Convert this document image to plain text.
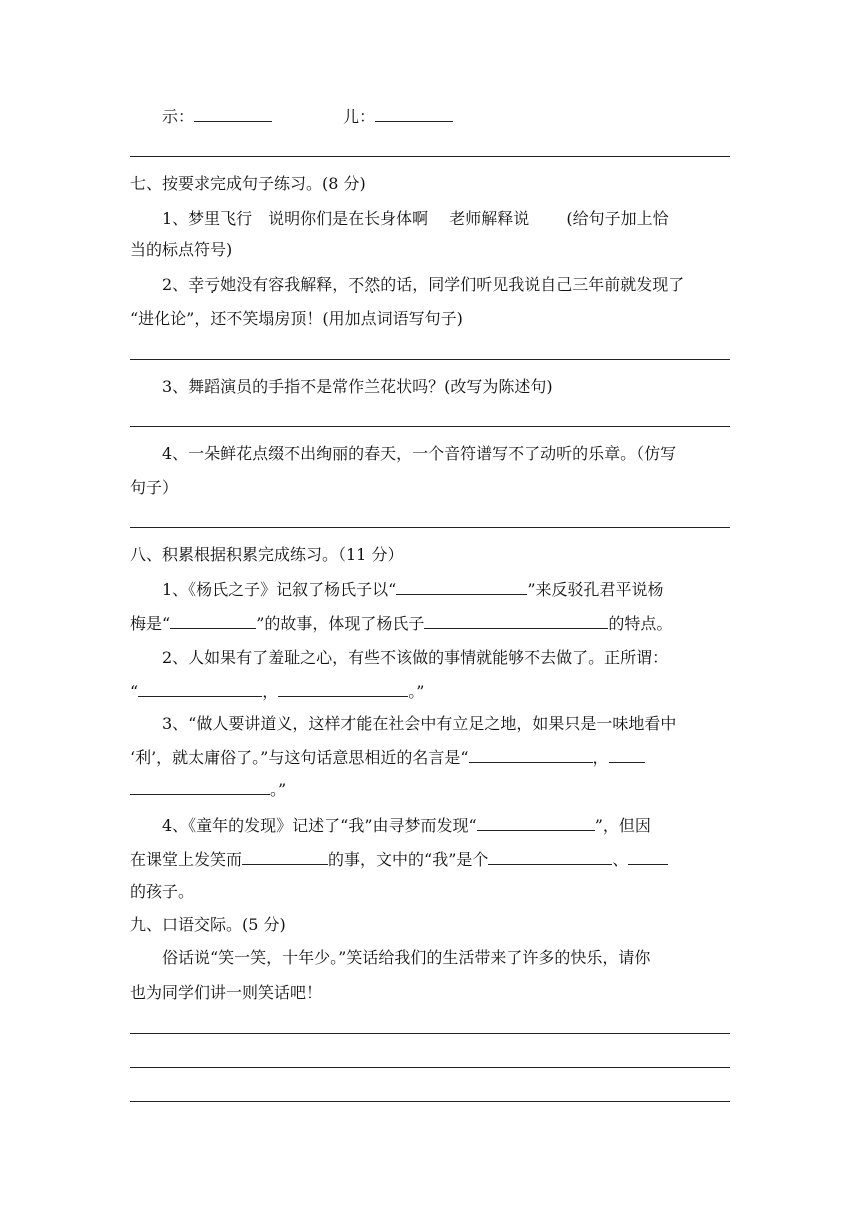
示：	儿：
七、按要求完成句子练习。(8 分)
1、梦里飞行　说明你们是在长身体啊　 老师解释说　　 (给句子加上恰
当的标点符号)
2、幸亏她没有容我解释，不然的话，同学们听见我说自己三年前就发现了
“进化论”，还不笑塌房顶！(用加点词语写句子)
3、舞蹈演员的手指不是常作兰花状吗？(改写为陈述句)
4、一朵鲜花点缀不出绚丽的春天，一个音符谱写不了动听的乐章。（仿写
句子）
八、积累根据积累完成练习。（11 分）
1、《杨氏之子》记叙了杨氏子以“	”来反驳孔君平说杨
梅是“	”的故事，体现了杨氏子	的特点。
2、人如果有了羞耻之心，有些不该做的事情就能够不去做了。正所谓：
“	，	。”
3、“做人要讲道义，这样才能在社会中有立足之地，如果只是一味地看中
‘利’，就太庸俗了。”与这句话意思相近的名言是“	，
。”
4、《童年的发现》记述了“我”由寻梦而发现“	”，但因
在课堂上发笑而	的事，文中的“我”是个	、
的孩子。
九、口语交际。(5 分)
俗话说“笑一笑，十年少。”笑话给我们的生活带来了许多的快乐，请你
也为同学们讲一则笑话吧！
